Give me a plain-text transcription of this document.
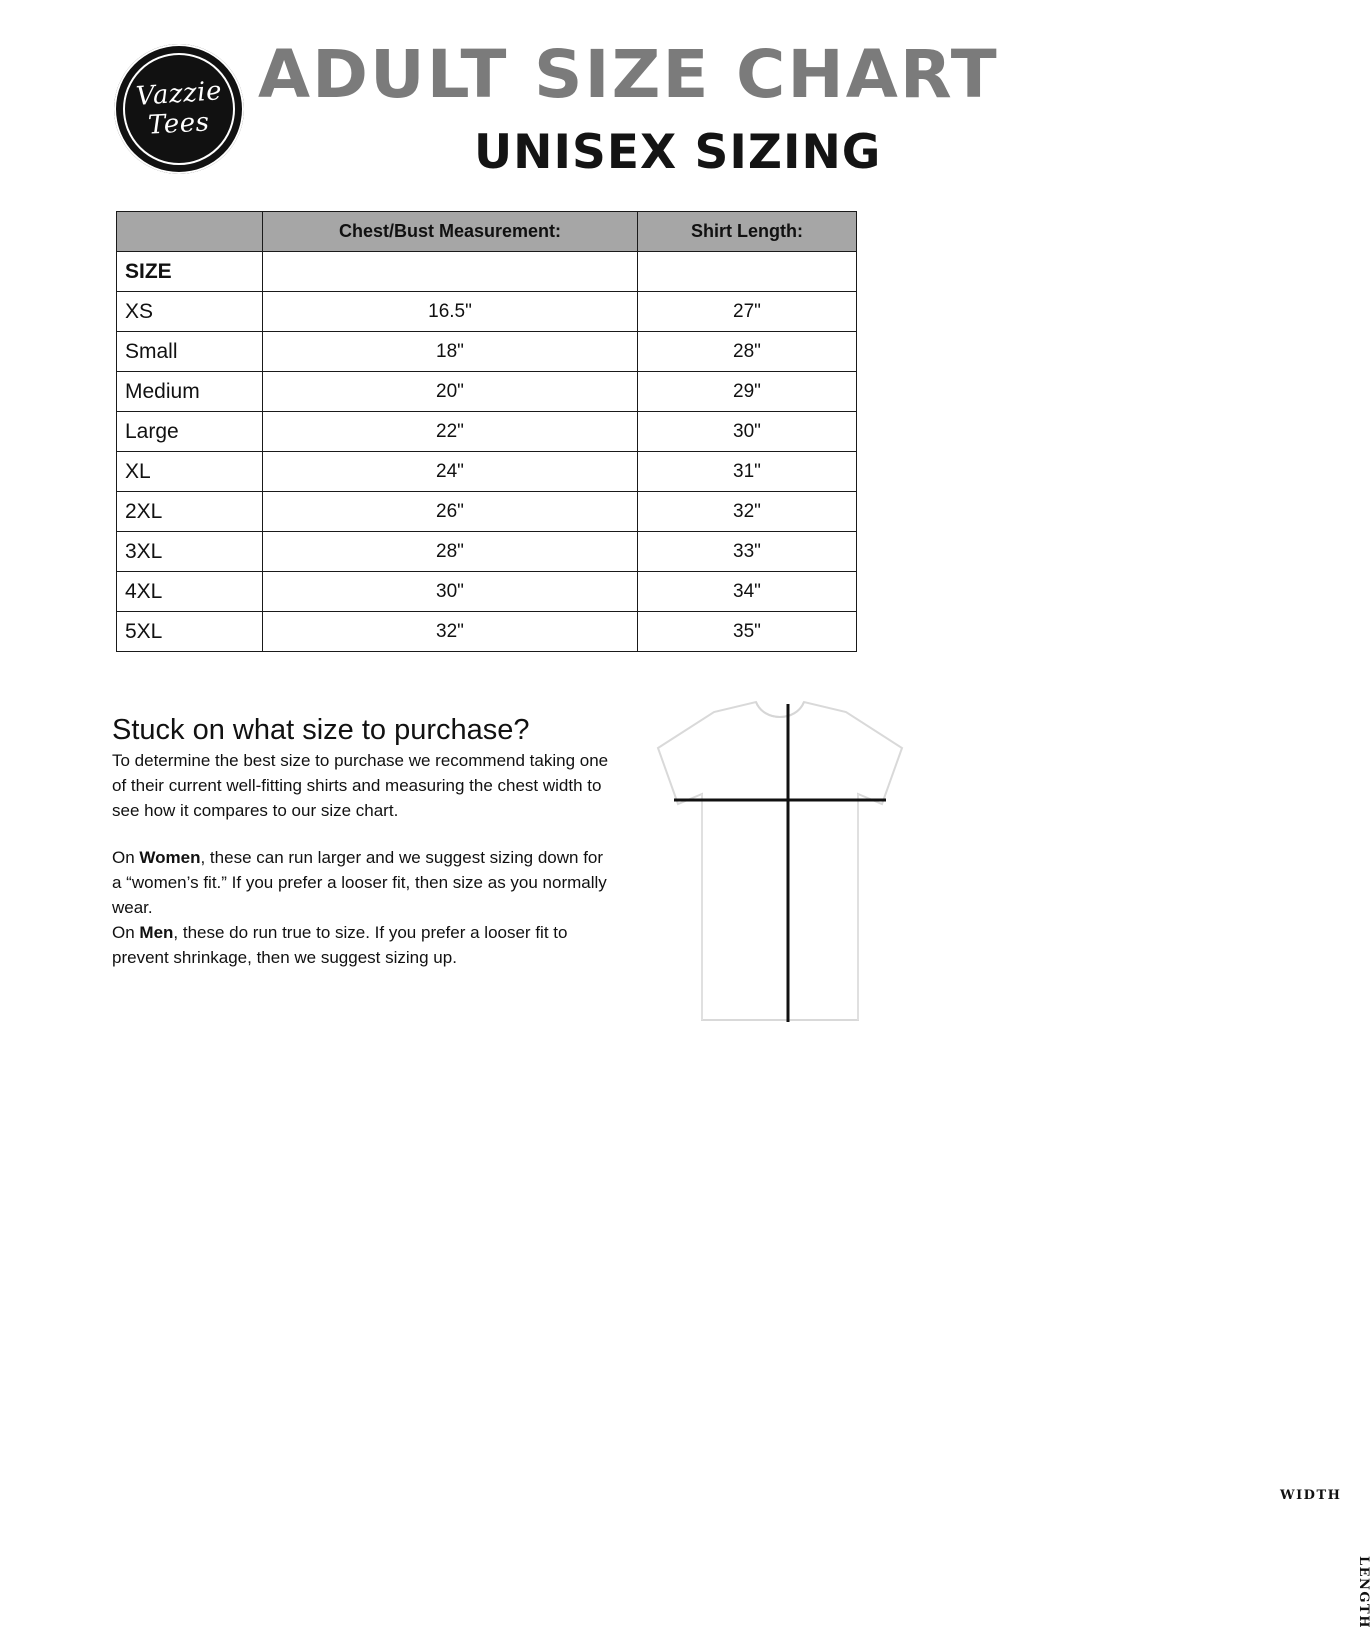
Vazzie
Tees
ADULT SIZE CHART
UNISEX SIZING
	Chest/Bust Measurement:	Shirt Length:
SIZE		
XS	16.5"	27"
Small	18"	28"
Medium	20"	29"
Large	22"	30"
XL	24"	31"
2XL	26"	32"
3XL	28"	33"
4XL	30"	34"
5XL	32"	35"
Stuck on what size to purchase?

To determine the best size to purchase we recommend taking one of their current well-fitting shirts and measuring the chest width to see how it compares to our size chart.

On Women, these can run larger and we suggest sizing down for a “women’s fit.” If you prefer a looser fit, then size as you normally wear.

On Men, these do run true to size. If you prefer a looser fit to prevent shrinkage, then we suggest sizing up.

WIDTH
LENGTH
